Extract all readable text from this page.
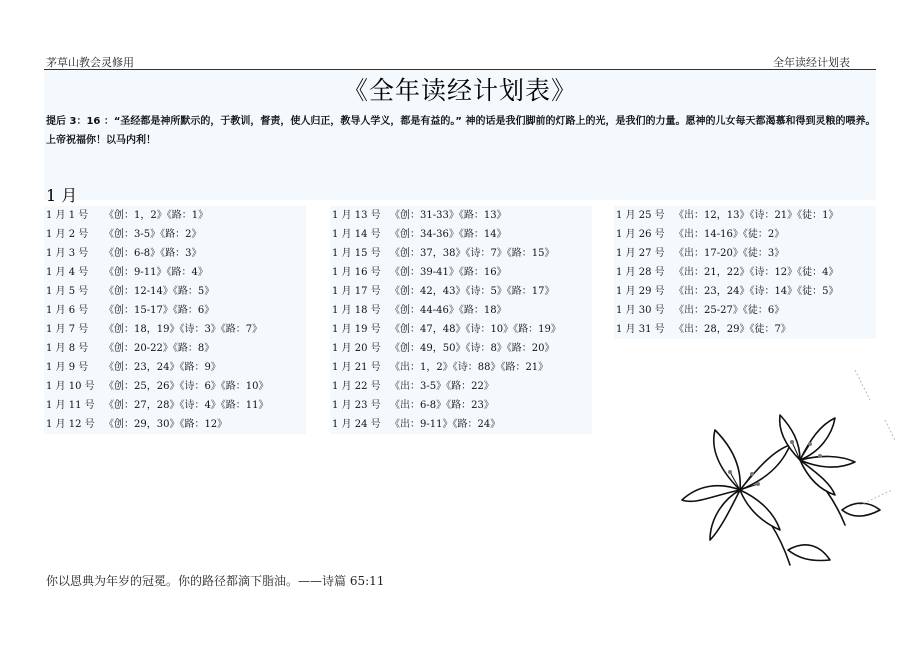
茅草山教会灵修用	全年读经计划表
《全年读经计划表》
提后 3：16 ：“圣经都是神所默示的，于教训，督责，使人归正，教导人学义，都是有益的。” 神的话是我们脚前的灯路上的光，是我们的力量。愿神的儿女每天都渴慕和得到灵粮的喂养。上帝祝福你！以马内利！
1 月
1 月 1 号 《创：1，2》《路：1》
1 月 2 号 《创：3-5》《路：2》
1 月 3 号 《创：6-8》《路：3》
1 月 4 号 《创：9-11》《路：4》
1 月 5 号 《创：12-14》《路：5》
1 月 6 号 《创：15-17》《路：6》
1 月 7 号 《创：18，19》《诗：3》《路：7》
1 月 8 号 《创：20-22》《路：8》
1 月 9 号 《创：23，24》《路：9》
1 月 10 号 《创：25，26》《诗：6》《路：10》
1 月 11 号 《创：27，28》《诗：4》《路：11》
1 月 12 号 《创：29，30》《路：12》
1 月 13 号 《创：31-33》《路：13》
1 月 14 号 《创：34-36》《路：14》
1 月 15 号 《创：37，38》《诗：7》《路：15》
1 月 16 号 《创：39-41》《路：16》
1 月 17 号 《创：42，43》《诗：5》《路：17》
1 月 18 号 《创：44-46》《路：18》
1 月 19 号 《创：47，48》《诗：10》《路：19》
1 月 20 号 《创：49，50》《诗：8》《路：20》
1 月 21 号 《出：1，2》《诗：88》《路：21》
1 月 22 号 《出：3-5》《路：22》
1 月 23 号 《出：6-8》《路：23》
1 月 24 号 《出：9-11》《路：24》
1 月 25 号 《出：12，13》《诗：21》《徒：1》
1 月 26 号 《出：14-16》《徒：2》
1 月 27 号 《出：17-20》《徒：3》
1 月 28 号 《出：21，22》《诗：12》《徒：4》
1 月 29 号 《出：23，24》《诗：14》《徒：5》
1 月 30 号 《出：25-27》《徒：6》
1 月 31 号 《出：28，29》《徒：7》
你以恩典为年岁的冠冕。你的路径都滴下脂油。——诗篇 65:11
